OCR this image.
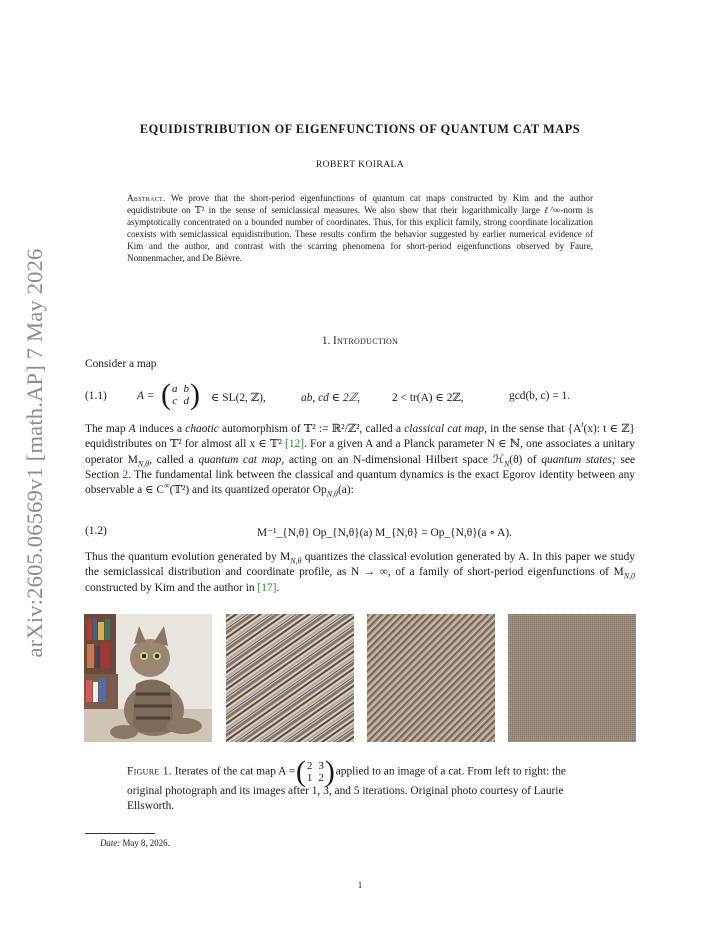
arXiv:2605.06569v1 [math.AP] 7 May 2026
EQUIDISTRIBUTION OF EIGENFUNCTIONS OF QUANTUM CAT MAPS
ROBERT KOIRALA
Abstract. We prove that the short-period eigenfunctions of quantum cat maps constructed by Kim and the author equidistribute on 𝕋² in the sense of semiclassical measures. We also show that their logarithmically large ℓ^∞-norm is asymptotically concentrated on a bounded number of coordinates. Thus, for this explicit family, strong coordinate localization coexists with semiclassical equidistribution. These results confirm the behavior suggested by earlier numerical evidence of Kim and the author, and contrast with the scarring phenomena for short-period eigenfunctions observed by Faure, Nonnenmacher, and De Bièvre.
1. Introduction
Consider a map
(1.1)	A = ( a	b
c	d ) ∈ SL(2, ℤ),	ab, cd ∈ 2ℤ,	2 < tr(A) ∈ 2ℤ,	gcd(b, c) = 1.
The map A induces a chaotic automorphism of 𝕋² := ℝ²/ℤ², called a classical cat map, in the sense that {$A^t(x)$: t ∈ ℤ} equidistributes on 𝕋² for almost all x ∈ 𝕋² [12]. For a given A and a Planck parameter N ∈ ℕ, one associates a unitary operator $M_{N,\theta}$, called a quantum cat map, acting on an N-dimensional Hilbert space ℋ$_N$(θ) of quantum states; see Section 2. The fundamental link between the classical and quantum dynamics is the exact Egorov identity between any observable a ∈ C∞(𝕋²) and its quantized operator $Op_{N,\theta}(a)$:
(1.2)	M⁻¹_{N,θ} Op_{N,θ}(a) M_{N,θ} = Op_{N,θ}(a ∘ A).
Thus the quantum evolution generated by $M_{N,\theta}$ quantizes the classical evolution generated by A. In this paper we study the semiclassical distribution and coordinate profile, as N → ∞, of a family of short-period eigenfunctions of $M_{N,0}$ constructed by Kim and the author in [17].
Figure 1. Iterates of the cat map A =
( 2	3
1	2 )
applied to an image of a cat. From left to right: the original photograph and its images after 1, 3, and 5 iterations. Original photo courtesy of Laurie Ellsworth.
Date: May 8, 2026.
1
